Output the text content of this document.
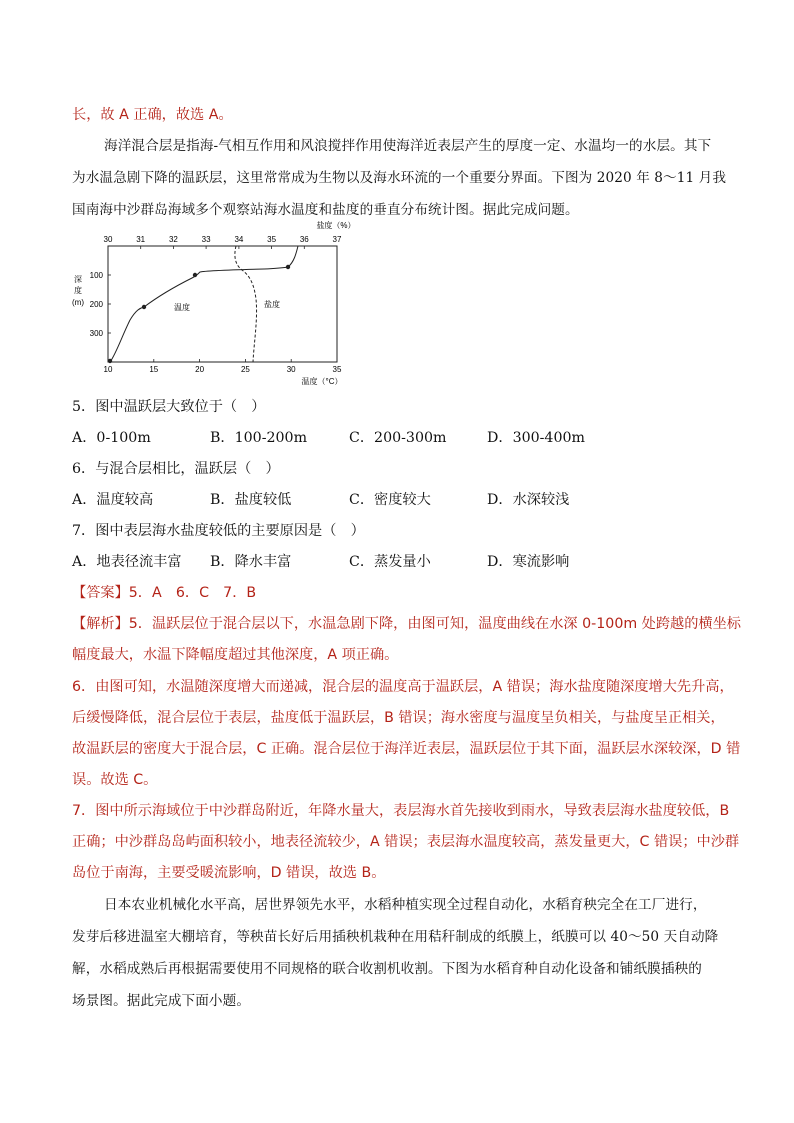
长，故 A 正确，故选 A。
海洋混合层是指海-气相互作用和风浪搅拌作用使海洋近表层产生的厚度一定、水温均一的水层。其下
为水温急剧下降的温跃层，这里常常成为生物以及海水环流的一个重要分界面。下图为 2020 年 8～11 月我
国南海中沙群岛海域多个观察站海水温度和盐度的垂直分布统计图。据此完成问题。
盐度（%）
30	31	32	33	34	35	36	37
10	15	20	25	30	35
温度（°C）
深
度
(m)
100
200
300
温度	盐度
5．图中温跃层大致位于（　）
A．0-100m	B．100-200m	C．200-300m	D．300-400m
6．与混合层相比，温跃层（　）
A．温度较高	B．盐度较低	C．密度较大	D．水深较浅
7．图中表层海水盐度较低的主要原因是（　）
A．地表径流丰富 B．降水丰富	C．蒸发量小	D．寒流影响
【答案】5．A　6．C　7．B
【解析】5．温跃层位于混合层以下，水温急剧下降，由图可知，温度曲线在水深 0-100m 处跨越的横坐标
幅度最大，水温下降幅度超过其他深度，A 项正确。
6．由图可知，水温随深度增大而递减，混合层的温度高于温跃层，A 错误；海水盐度随深度增大先升高，
后缓慢降低，混合层位于表层，盐度低于温跃层，B 错误；海水密度与温度呈负相关，与盐度呈正相关，
故温跃层的密度大于混合层，C 正确。混合层位于海洋近表层，温跃层位于其下面，温跃层水深较深，D 错
误。故选 C。
7．图中所示海域位于中沙群岛附近，年降水量大，表层海水首先接收到雨水，导致表层海水盐度较低，B
正确；中沙群岛岛屿面积较小，地表径流较少，A 错误；表层海水温度较高，蒸发量更大，C 错误；中沙群
岛位于南海，主要受暖流影响，D 错误，故选 B。
日本农业机械化水平高，居世界领先水平，水稻种植实现全过程自动化，水稻育秧完全在工厂进行，
发芽后移进温室大棚培育，等秧苗长好后用插秧机栽种在用秸秆制成的纸膜上，纸膜可以 40～50 天自动降
解，水稻成熟后再根据需要使用不同规格的联合收割机收割。下图为水稻育种自动化设备和铺纸膜插秧的
场景图。据此完成下面小题。
